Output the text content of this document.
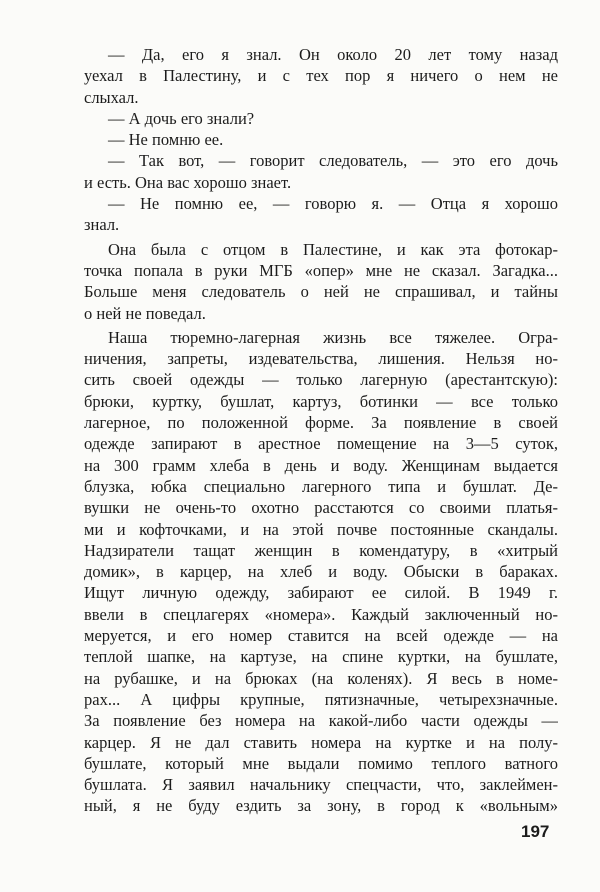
— Да, его я знал. Он около 20 лет тому назад
уехал в Палестину, и с тех пор я ничего о нем не
слыхал.
— А дочь его знали?
— Не помню ее.
— Так вот, — говорит следователь, — это его дочь
и есть. Она вас хорошо знает.
— Не помню ее, — говорю я. — Отца я хорошо
знал.
Она была с отцом в Палестине, и как эта фотокар-
точка попала в руки МГБ «опер» мне не сказал. Загадка...
Больше меня следователь о ней не спрашивал, и тайны
о ней не поведал.
Наша тюремно-лагерная жизнь все тяжелее. Огра-
ничения, запреты, издевательства, лишения. Нельзя но-
сить своей одежды — только лагерную (арестантскую):
брюки, куртку, бушлат, картуз, ботинки — все только
лагерное, по положенной форме. За появление в своей
одежде запирают в арестное помещение на 3—5 суток,
на 300 грамм хлеба в день и воду. Женщинам выдается
блузка, юбка специально лагерного типа и бушлат. Де-
вушки не очень-то охотно расстаются со своими платья-
ми и кофточками, и на этой почве постоянные скандалы.
Надзиратели тащат женщин в комендатуру, в «хитрый
домик», в карцер, на хлеб и воду. Обыски в бараках.
Ищут личную одежду, забирают ее силой. В 1949 г.
ввели в спецлагерях «номера». Каждый заключенный но-
меруется, и его номер ставится на всей одежде — на
теплой шапке, на картузе, на спине куртки, на бушлате,
на рубашке, и на брюках (на коленях). Я весь в номе-
рах... А цифры крупные, пятизначные, четырехзначные.
За появление без номера на какой-либо части одежды —
карцер. Я не дал ставить номера на куртке и на полу-
бушлате, который мне выдали помимо теплого ватного
бушлата. Я заявил начальнику спецчасти, что, заклеймен-
ный, я не буду ездить за зону, в город к «вольным»
197
